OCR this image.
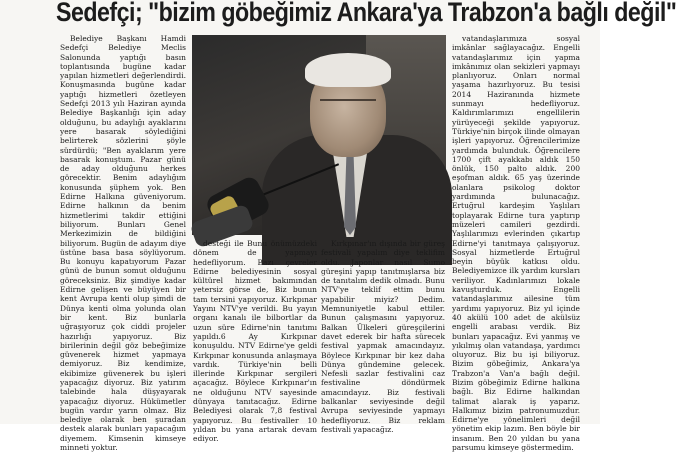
Sedefçi; "bizim göbeğimiz Ankara'ya Trabzon'a bağlı değil"

Belediye Başkanı Hamdi Sedefçi Belediye Meclis Salonunda yaptığı basın toplantısında bugüne kadar yapılan hizmetleri değerlendirdi. Konuşmasında bugüne kadar yaptığı hizmetleri özetleyen Sedefçi 2013 yılı Haziran ayında Belediye Başkanlığı için aday olduğunu, bu adaylığı ayaklarını yere basarak söylediğini belirterek sözlerini şöyle sürdürdü; "Ben ayaklarım yere basarak konuştum. Pazar günü de aday olduğunu herkes görecektir. Benim adaylığım konusunda şüphem yok. Ben Edirne Halkına güveniyorum. Edirne halkının da benim hizmetlerimi takdir ettiğini biliyorum. Bunları Genel Merkezimizin de bildiğini biliyorum. Bugün de adayım diye üstüne basa basa söylüyorum. Bu konuyu kapatıyorum Pazar günü de bunun somut olduğunu göreceksiniz. Biz şimdiye kadar Edirne gelişen ve büyüyen bir kent Avrupa kenti olup şimdi de Dünya kenti olma yolunda olan bir kent. Biz bunlarla uğraşıyoruz çok ciddi projeler hazırlığı yapıyoruz. Biz birilerinin değil göz bebeğimize güvenerek hizmet yapmaya demiyoruz. Biz kendimize, ekibimize güvenerek bu işleri yapacağız diyoruz. Biz yatırım talebinde hala düşyayarak yapacağız diyoruz. Hükümetler bugün vardır yarın olmaz. Biz belediye olarak ben şuradan destek alarak bunları yapacağım diyemem. Kimsenin kimseye minneti yoktur.

desteği ile Bunu önümüzdeki dönem de yapmayı hedefliyorum. Bazı çevreler Edirne belediyesinin sosyal kültürel hizmet bakımından yetersiz görse de, Biz bunun tam tersini yapıyoruz. Kırkpınar Yayını NTV'ye verildi. Bu yayın organı kanalı ile bilbortlar da uzun süre Edirne'nin tanıtımı yapıldı.6 Ay Kırkpınar konuşuldu. NTV Edirne'ye geldi Kırkpınar konusunda anlaşmaya vardık. Türkiye'nin belli illerinde Kırkpınar sergileri açacağız. Böylece Kırkpınar'ın ne olduğunu NTV sayesinde dünyaya tanıtacağız. Edirne Belediyesi olarak 7,8 festival yapıyoruz. Bu festivaller 10 yıldan bu yana artarak devam ediyor.

Kırkpınar'ın dışında bir güreş festivali yapalım diye teklifim oldu. Japonlar nasıl Sumo güreşini yapıp tanıtmışlarsa biz de tanıtalım dedik olmadı. Bunu NTV'ye teklif ettim bunu yapabilir miyiz? Dedim. Memnuniyetle kabul ettiler. Bunun çalışmasını yapıyoruz. Balkan Ülkeleri güreşçilerini davet ederek bir hafta sürecek festival yapmak amacındayız. Böylece Kırkpınar bir kez daha Dünya gündemine gelecek. Nefesli sazlar festivalini caz festivaline döndürmek amacındayız. Biz festivali balkanlar seviyesinde değil Avrupa seviyesinde yapmayı hedefliyoruz. Biz reklam festivali yapacağız.

vatandaşlarımıza sosyal imkânlar sağlayacağız. Engelli vatandaşlarımız için yapma imkânımız olan sekizleri yapmayı planlıyoruz. Onları normal yaşama hazırlıyoruz. Bu tesisi 2014 Haziranında hizmete sunmayı hedefliyoruz. Kaldırımlarımızı engellilerin yürüyeceği şekilde yapıyoruz. Türkiye'nin birçok ilinde olmayan işleri yapıyoruz. Öğrencilerimize yardımda bulunduk. Öğrencilere 1700 çift ayakkabı aldık 150 önlük, 150 palto aldık. 200 eşofman aldık. 65 yaş üzerinde olanlara psikolog doktor yardımında bulunacağız. Ertuğrul kardeşim Yaşlıları toplayarak Edirne tura yaptırıp müzeleri camileri gezdirdi. Yaşlılarımızı evlerinden çıkartıp Edirne'yi tanıtmaya çalışıyoruz. Sosyal hizmetlerde Ertuğrul beyin büyük katkısı oldu. Belediyemizce ilk yardım kursları veriliyor. Kadınlarımızı lokale kavuşturduk. Engelli vatandaşlarımız ailesine tüm yardımı yapıyoruz. Biz yıl içinde 40 akülü 100 adet de akülsüz engelli arabası verdik. Biz bunları yapacağız. Evi yanmış ve yıkılmış olan vatandaşa, yardımcı oluyoruz. Biz bu işi biliyoruz. Bizim göbeğimiz, Ankara'ya Trabzon'a Van'a bağlı değil. Bizim göbeğimiz Edirne halkına bağlı. Biz Edirne halkından talimat alarak iş yaparız. Halkımız bizim patronumuzdur. Edirne'ye yönelimleri değil yönetim ekip lazım. Ben böyle bir insanım. Ben 20 yıldan bu yana parsumu kimseye göstermedim.
